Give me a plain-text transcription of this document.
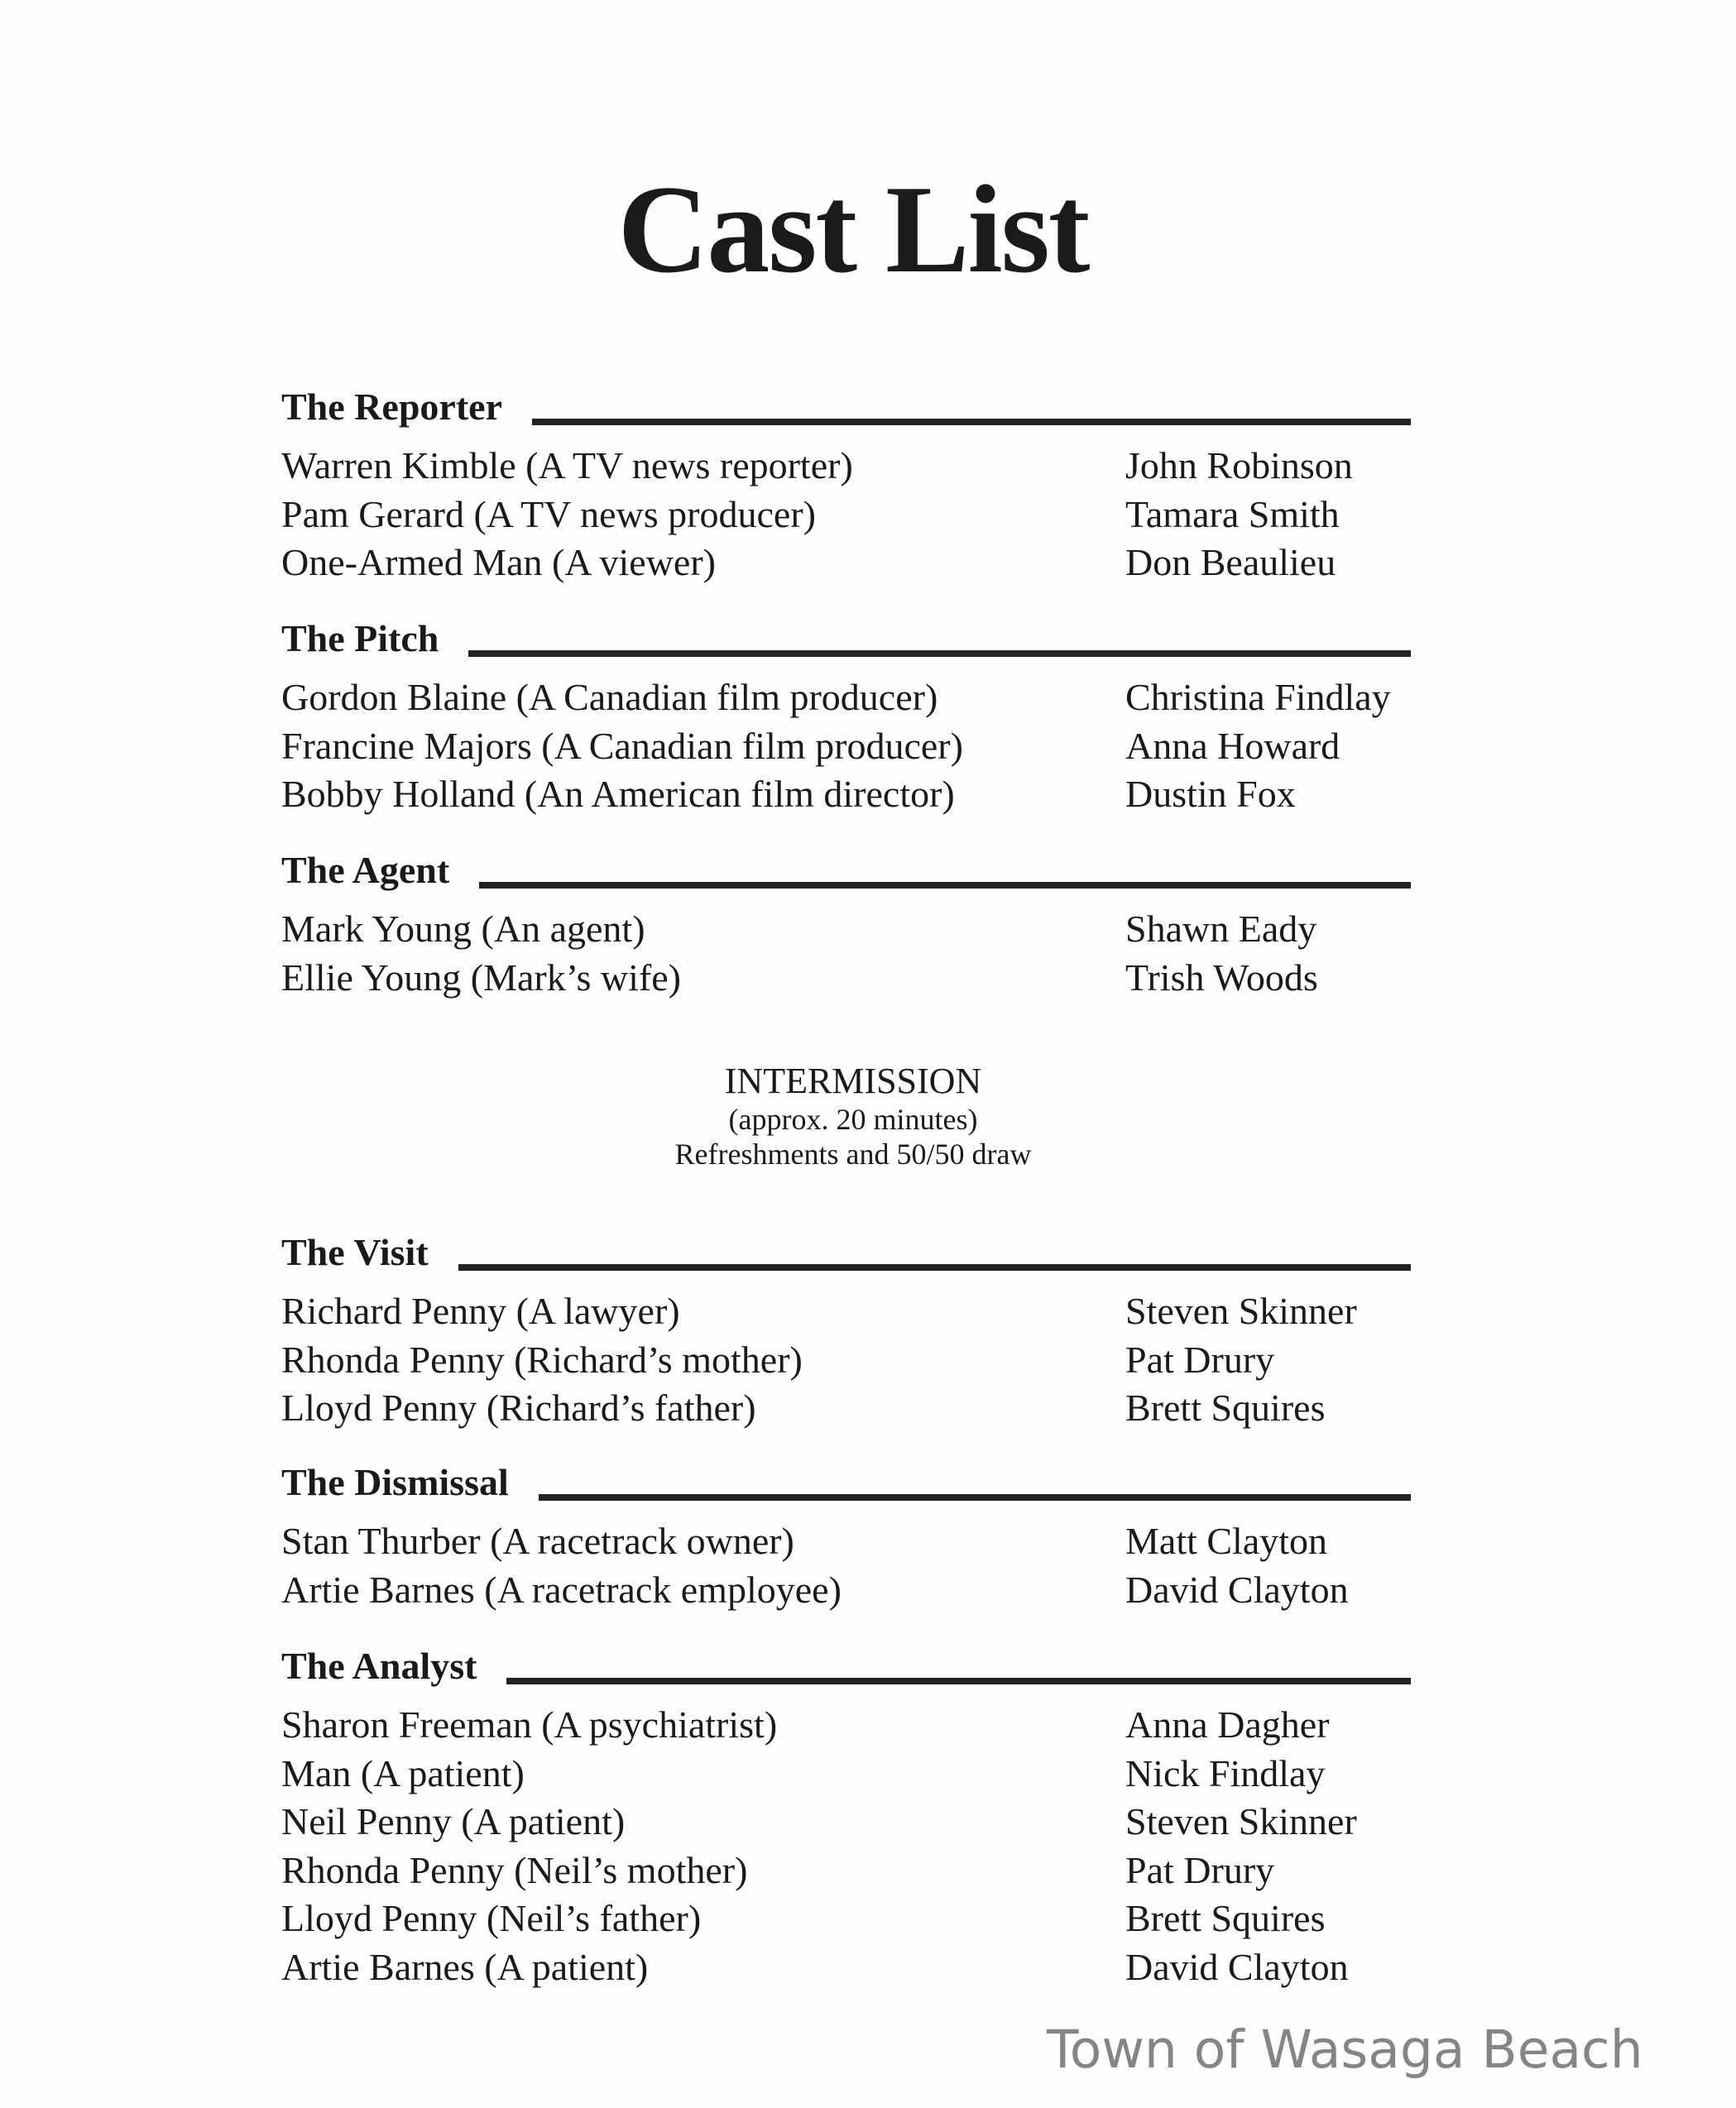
Cast List
The Reporter
Warren Kimble (A TV news reporter)	John Robinson
Pam Gerard (A TV news producer)	Tamara Smith
One-Armed Man (A viewer)	Don Beaulieu
The Pitch
Gordon Blaine (A Canadian film producer)	Christina Findlay
Francine Majors (A Canadian film producer)	Anna Howard
Bobby Holland (An American film director)	Dustin Fox
The Agent
Mark Young (An agent)	Shawn Eady
Ellie Young (Mark’s wife)	Trish Woods
The Visit
Richard Penny (A lawyer)	Steven Skinner
Rhonda Penny (Richard’s mother)	Pat Drury
Lloyd Penny (Richard’s father)	Brett Squires
The Dismissal
Stan Thurber (A racetrack owner)	Matt Clayton
Artie Barnes (A racetrack employee)	David Clayton
The Analyst
Sharon Freeman (A psychiatrist)	Anna Dagher
Man (A patient)	Nick Findlay
Neil Penny (A patient)	Steven Skinner
Rhonda Penny (Neil’s mother)	Pat Drury
Lloyd Penny (Neil’s father)	Brett Squires
Artie Barnes (A patient)	David Clayton
INTERMISSION
(approx. 20 minutes)
Refreshments and 50/50 draw
Town of Wasaga Beach
